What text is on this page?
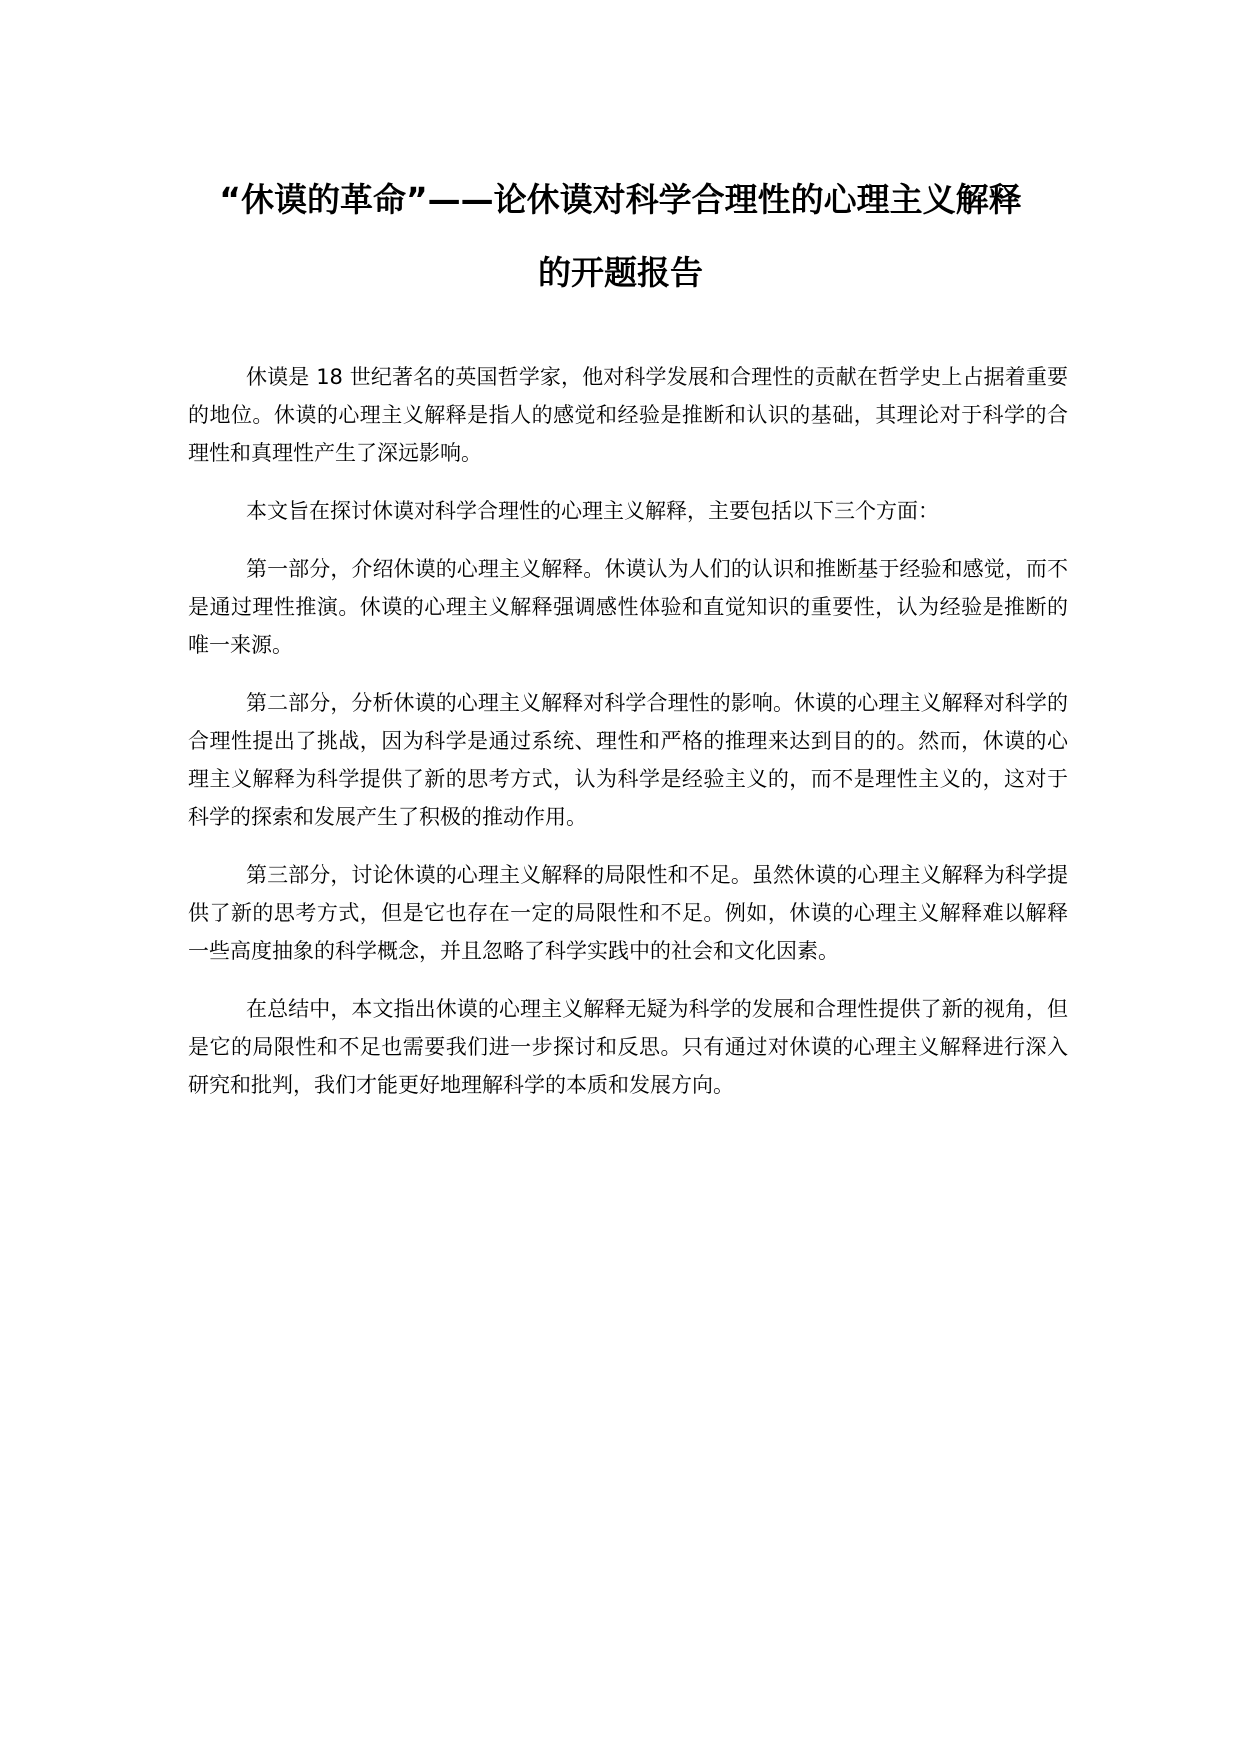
“休谟的革命”——论休谟对科学合理性的心理主义解释
的开题报告

休谟是 18 世纪著名的英国哲学家，他对科学发展和合理性的贡献在哲学史上占据着重要的地位。休谟的心理主义解释是指人的感觉和经验是推断和认识的基础，其理论对于科学的合理性和真理性产生了深远影响。

本文旨在探讨休谟对科学合理性的心理主义解释，主要包括以下三个方面：

第一部分，介绍休谟的心理主义解释。休谟认为人们的认识和推断基于经验和感觉，而不是通过理性推演。休谟的心理主义解释强调感性体验和直觉知识的重要性，认为经验是推断的唯一来源。

第二部分，分析休谟的心理主义解释对科学合理性的影响。休谟的心理主义解释对科学的合理性提出了挑战，因为科学是通过系统、理性和严格的推理来达到目的的。然而，休谟的心理主义解释为科学提供了新的思考方式，认为科学是经验主义的，而不是理性主义的，这对于科学的探索和发展产生了积极的推动作用。

第三部分，讨论休谟的心理主义解释的局限性和不足。虽然休谟的心理主义解释为科学提供了新的思考方式，但是它也存在一定的局限性和不足。例如，休谟的心理主义解释难以解释一些高度抽象的科学概念，并且忽略了科学实践中的社会和文化因素。

在总结中，本文指出休谟的心理主义解释无疑为科学的发展和合理性提供了新的视角，但是它的局限性和不足也需要我们进一步探讨和反思。只有通过对休谟的心理主义解释进行深入研究和批判，我们才能更好地理解科学的本质和发展方向。
